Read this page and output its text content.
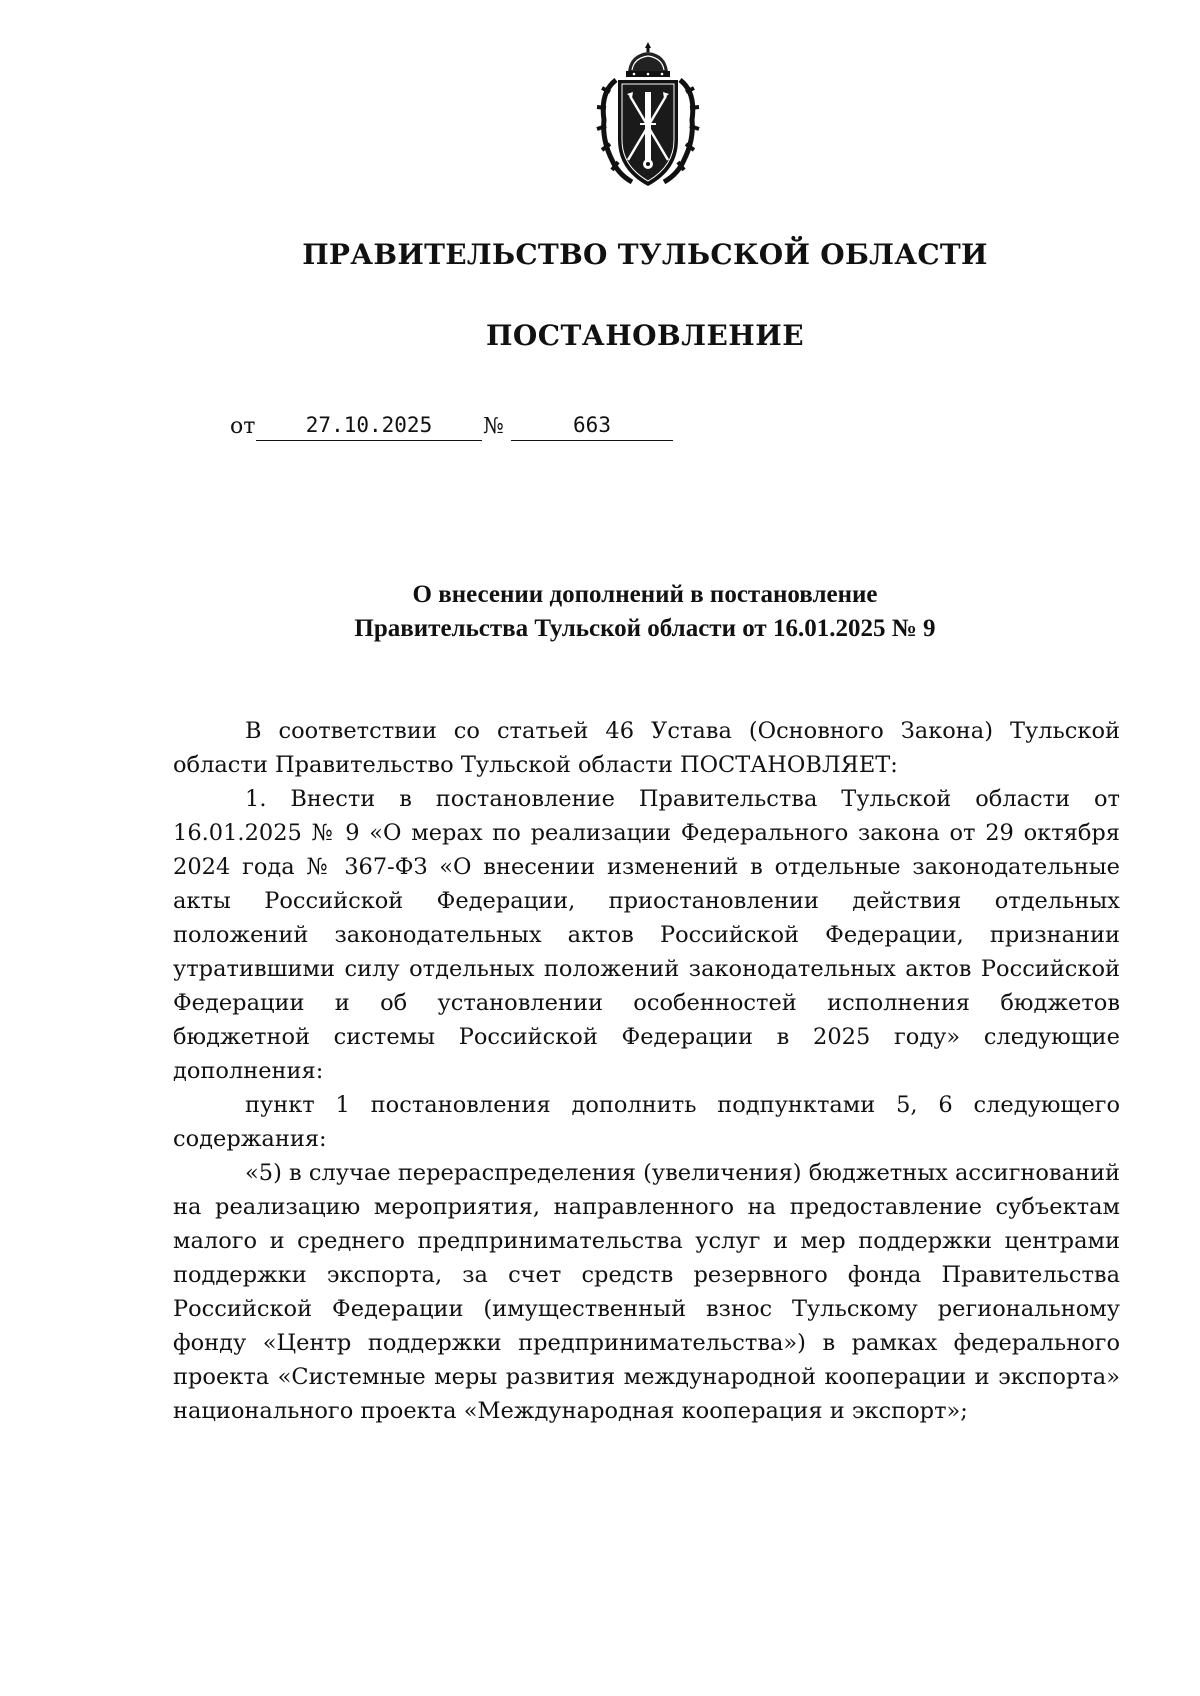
ПРАВИТЕЛЬСТВО ТУЛЬСКОЙ ОБЛАСТИ
ПОСТАНОВЛЕНИЕ
от	27.10.2025	№	663
О внесении дополнений в постановление
Правительства Тульской области от 16.01.2025 № 9

В соответствии со статьей 46 Устава (Основного Закона) Тульской области Правительство Тульской области ПОСТАНОВЛЯЕТ:

1. Внести в постановление Правительства Тульской области от 16.01.2025 № 9 «О мерах по реализации Федерального закона от 29 октября 2024 года № 367-ФЗ «О внесении изменений в отдельные законодательные акты Российской Федерации, приостановлении действия отдельных положений законодательных актов Российской Федерации, признании утратившими силу отдельных положений законодательных актов Российской Федерации и об установлении особенностей исполнения бюджетов бюджетной системы Российской Федерации в 2025 году» следующие дополнения:

пункт 1 постановления дополнить подпунктами 5, 6 следующего содержания:

«5) в случае перераспределения (увеличения) бюджетных ассигнований на реализацию мероприятия, направленного на предоставление субъектам малого и среднего предпринимательства услуг и мер поддержки центрами поддержки экспорта, за счет средств резервного фонда Правительства Российской Федерации (имущественный взнос Тульскому региональному фонду «Центр поддержки предпринимательства») в рамках федерального проекта «Системные меры развития международной кооперации и экспорта» национального проекта «Международная кооперация и экспорт»;
